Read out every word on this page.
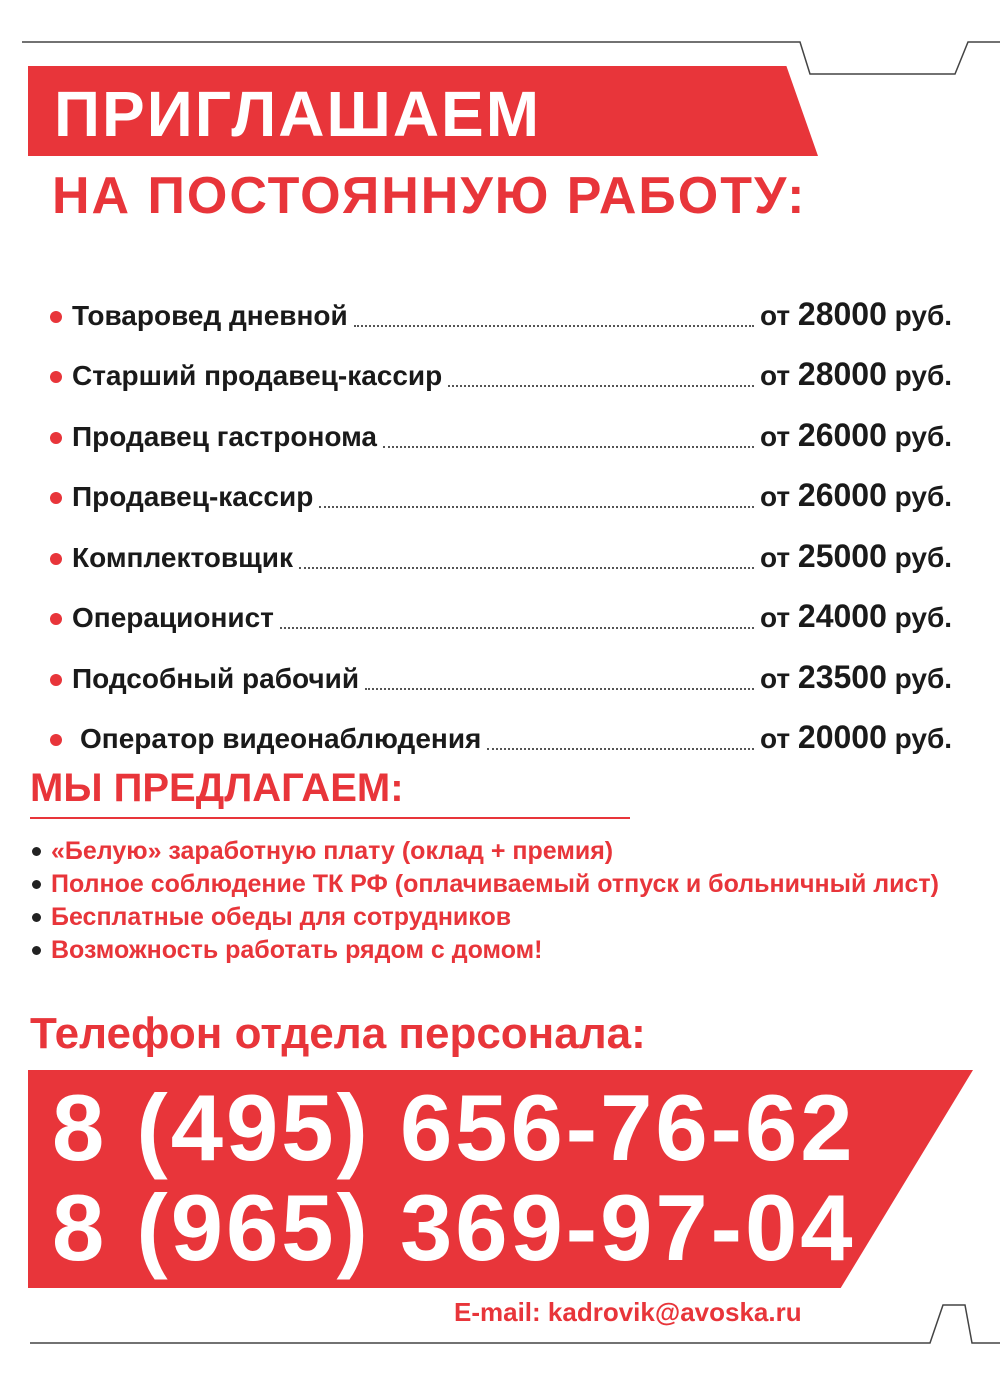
ПРИГЛАШАЕМ
НА ПОСТОЯННУЮ РАБОТУ:
Товаровед дневной	от 28000 руб.
Старший продавец-кассир	от 28000 руб.
Продавец гастронома	от 26000 руб.
Продавец-кассир	от 26000 руб.
Комплектовщик	от 25000 руб.
Операционист	от 24000 руб.
Подсобный рабочий	от 23500 руб.
Оператор видеонаблюдения	от 20000 руб.
МЫ ПРЕДЛАГАЕМ:
«Белую» заработную плату (оклад + премия)
Полное соблюдение ТК РФ (оплачиваемый отпуск и больничный лист)
Бесплатные обеды для сотрудников
Возможность работать рядом с домом!
Телефон отдела персонала:
8 (495) 656-76-62
8 (965) 369-97-04
E-mail: kadrovik@avoska.ru
